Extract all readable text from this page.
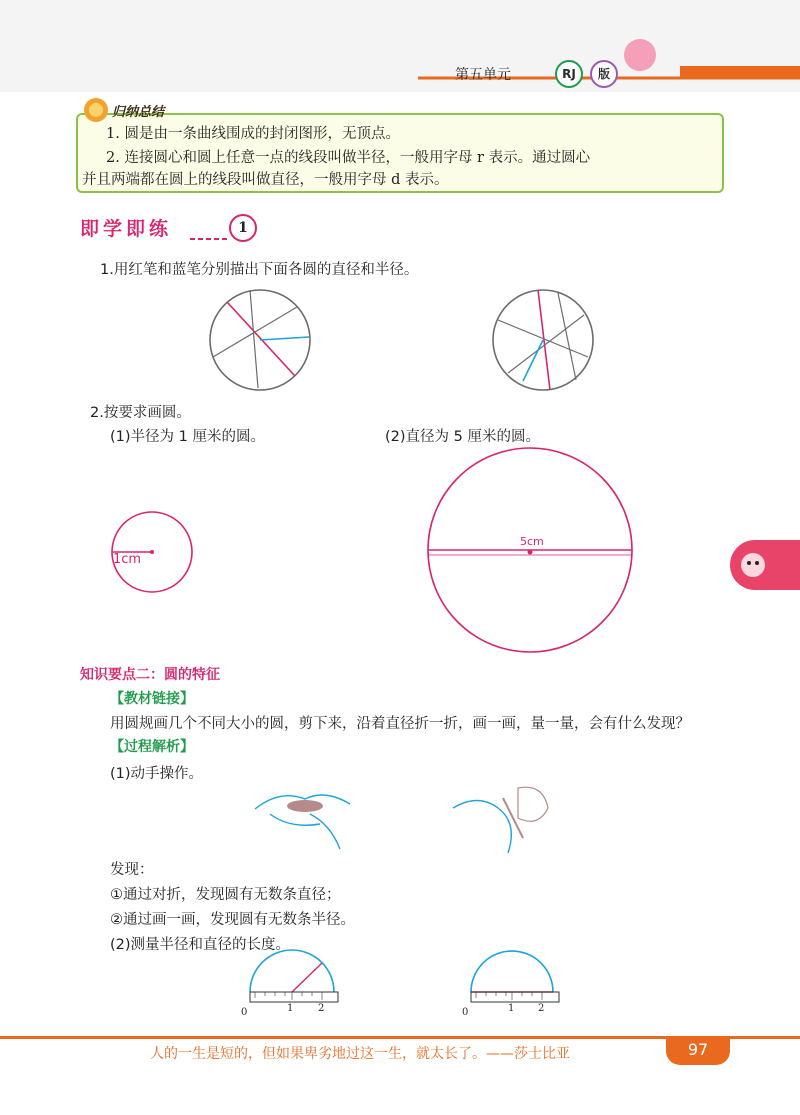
第五单元	RJ	版
归纳总结
1. 圆是由一条曲线围成的封闭图形，无顶点。
2. 连接圆心和圆上任意一点的线段叫做半径，一般用字母 r 表示。通过圆心
并且两端都在圆上的线段叫做直径，一般用字母 d 表示。
即学即练	1
1.用红笔和蓝笔分别描出下面各圆的直径和半径。
2.按要求画圆。
(1)半径为 1 厘米的圆。	(2)直径为 5 厘米的圆。
1cm
5cm
知识要点二：圆的特征
【教材链接】
用圆规画几个不同大小的圆，剪下来，沿着直径折一折，画一画，量一量，会有什么发现？
【过程解析】
(1)动手操作。
发现：
①通过对折，发现圆有无数条直径；
②通过画一画，发现圆有无数条半径。
(2)测量半径和直径的长度。
0	1 2	0	1 2
人的一生是短的，但如果卑劣地过这一生，就太长了。——莎士比亚	97
